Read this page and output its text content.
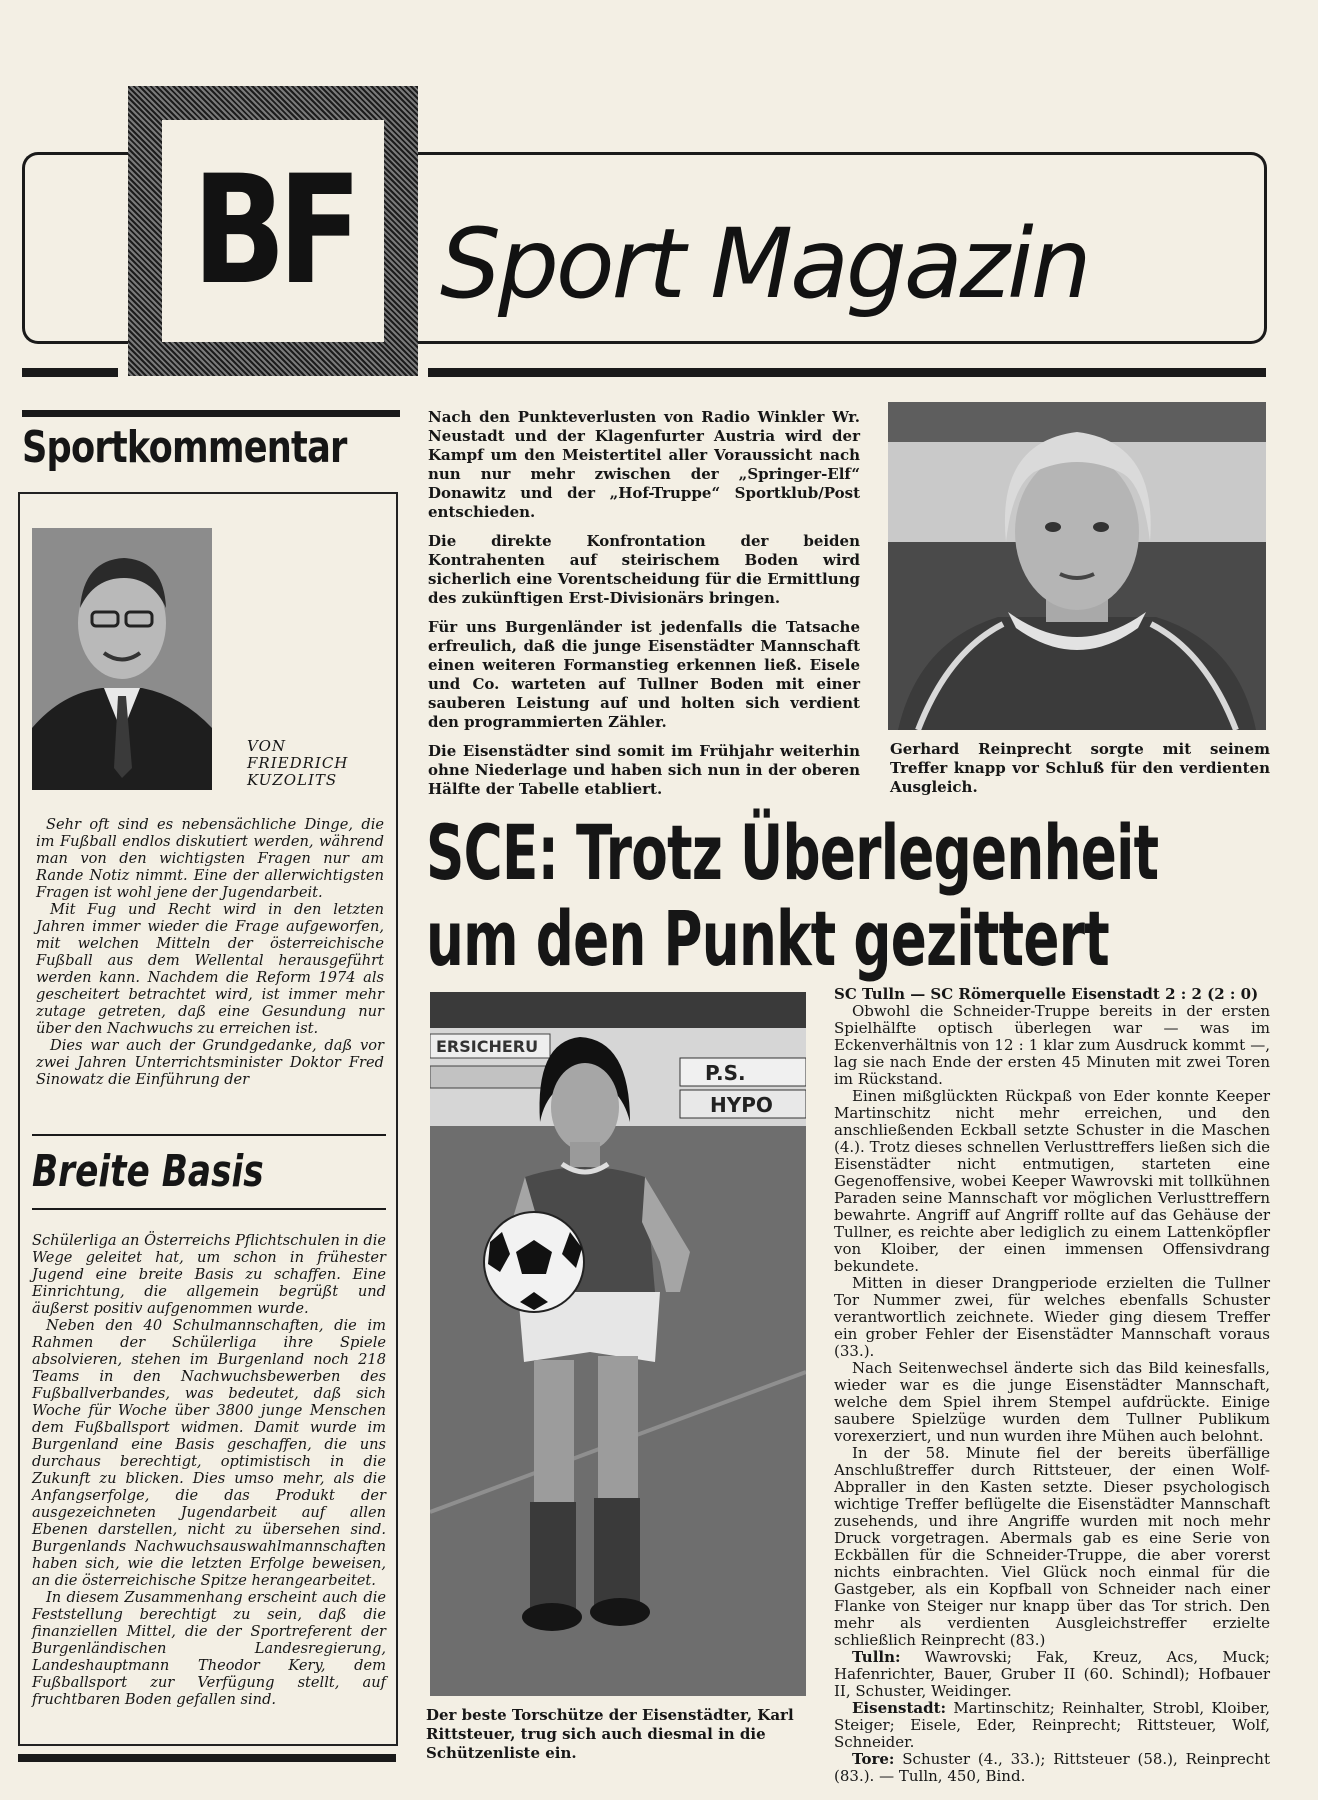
BF Sport Magazin
Sportkommentar
VON
FRIEDRICH
KUZOLITS

Sehr oft sind es nebensächliche Dinge, die im Fußball endlos diskutiert werden, während man von den wichtigsten Fragen nur am Rande Notiz nimmt. Eine der allerwichtigsten Fragen ist wohl jene der Jugendarbeit.

Mit Fug und Recht wird in den letzten Jahren immer wieder die Frage aufgeworfen, mit welchen Mitteln der österreichische Fußball aus dem Wellental herausgeführt werden kann. Nachdem die Reform 1974 als gescheitert betrachtet wird, ist immer mehr zutage getreten, daß eine Gesundung nur über den Nachwuchs zu erreichen ist.

Dies war auch der Grundgedanke, daß vor zwei Jahren Unterrichtsminister Doktor Fred Sinowatz die Einführung der

Breite Basis

Schülerliga an Österreichs Pflichtschulen in die Wege geleitet hat, um schon in frühester Jugend eine breite Basis zu schaffen. Eine Einrichtung, die allgemein begrüßt und äußerst positiv aufgenommen wurde.

Neben den 40 Schulmannschaften, die im Rahmen der Schülerliga ihre Spiele absolvieren, stehen im Burgenland noch 218 Teams in den Nachwuchsbewerben des Fußballverbandes, was bedeutet, daß sich Woche für Woche über 3800 junge Menschen dem Fußballsport widmen. Damit wurde im Burgenland eine Basis geschaffen, die uns durchaus berechtigt, optimistisch in die Zukunft zu blicken. Dies umso mehr, als die Anfangserfolge, die das Produkt der ausgezeichneten Jugendarbeit auf allen Ebenen darstellen, nicht zu übersehen sind. Burgenlands Nachwuchsauswahlmannschaften haben sich, wie die letzten Erfolge beweisen, an die österreichische Spitze herangearbeitet.

In diesem Zusammenhang erscheint auch die Feststellung berechtigt zu sein, daß die finanziellen Mittel, die der Sportreferent der Burgenländischen Landesregierung, Landeshauptmann Theodor Kery, dem Fußballsport zur Verfügung stellt, auf fruchtbaren Boden gefallen sind.

Nach den Punkteverlusten von Radio Winkler Wr. Neustadt und der Klagenfurter Austria wird der Kampf um den Meistertitel aller Voraussicht nach nun nur mehr zwischen der „Springer-Elf“ Donawitz und der „Hof-Truppe“ Sportklub/Post entschieden.

Die direkte Konfrontation der beiden Kontrahenten auf steirischem Boden wird sicherlich eine Vorentscheidung für die Ermittlung des zukünftigen Erst-Divisionärs bringen.

Für uns Burgenländer ist jedenfalls die Tatsache erfreulich, daß die junge Eisenstädter Mannschaft einen weiteren Formanstieg erkennen ließ. Eisele und Co. warteten auf Tullner Boden mit einer sauberen Leistung auf und holten sich verdient den programmierten Zähler.

Die Eisenstädter sind somit im Frühjahr weiterhin ohne Niederlage und haben sich nun in der oberen Hälfte der Tabelle etabliert.

Gerhard Reinprecht sorgte mit seinem Treffer knapp vor Schluß für den verdienten Ausgleich.
SCE: Trotz Überlegenheit
um den Punkt gezittert
ERSICHERU
P.S.
HYPO
Der beste Torschütze der Eisenstädter, Karl Rittsteuer, trug sich auch diesmal in die Schützenliste ein.

SC Tulln — SC Römerquelle Eisenstadt 2 : 2 (2 : 0)

Obwohl die Schneider-Truppe bereits in der ersten Spielhälfte optisch überlegen war — was im Eckenverhältnis von 12 : 1 klar zum Ausdruck kommt —, lag sie nach Ende der ersten 45 Minuten mit zwei Toren im Rückstand.

Einen mißglückten Rückpaß von Eder konnte Keeper Martinschitz nicht mehr erreichen, und den anschließenden Eckball setzte Schuster in die Maschen (4.). Trotz dieses schnellen Verlusttreffers ließen sich die Eisenstädter nicht entmutigen, starteten eine Gegenoffensive, wobei Keeper Wawrovski mit tollkühnen Paraden seine Mannschaft vor möglichen Verlusttreffern bewahrte. Angriff auf Angriff rollte auf das Gehäuse der Tullner, es reichte aber lediglich zu einem Lattenköpfler von Kloiber, der einen immensen Offensivdrang bekundete.

Mitten in dieser Drangperiode erzielten die Tullner Tor Nummer zwei, für welches ebenfalls Schuster verantwortlich zeichnete. Wieder ging diesem Treffer ein grober Fehler der Eisenstädter Mannschaft voraus (33.).

Nach Seitenwechsel änderte sich das Bild keinesfalls, wieder war es die junge Eisenstädter Mannschaft, welche dem Spiel ihrem Stempel aufdrückte. Einige saubere Spielzüge wurden dem Tullner Publikum vorexerziert, und nun wurden ihre Mühen auch belohnt.

In der 58. Minute fiel der bereits überfällige Anschlußtreffer durch Rittsteuer, der einen Wolf-Abpraller in den Kasten setzte. Dieser psychologisch wichtige Treffer beflügelte die Eisenstädter Mannschaft zusehends, und ihre Angriffe wurden mit noch mehr Druck vorgetragen. Abermals gab es eine Serie von Eckbällen für die Schneider-Truppe, die aber vorerst nichts einbrachten. Viel Glück noch einmal für die Gastgeber, als ein Kopfball von Schneider nach einer Flanke von Steiger nur knapp über das Tor strich. Den mehr als verdienten Ausgleichstreffer erzielte schließlich Reinprecht (83.)

Tulln: Wawrovski; Fak, Kreuz, Acs, Muck; Hafenrichter, Bauer, Gruber II (60. Schindl); Hofbauer II, Schuster, Weidinger.

Eisenstadt: Martinschitz; Reinhalter, Strobl, Kloiber, Steiger; Eisele, Eder, Reinprecht; Rittsteuer, Wolf, Schneider.

Tore: Schuster (4., 33.); Rittsteuer (58.), Reinprecht (83.). — Tulln, 450, Bind.
